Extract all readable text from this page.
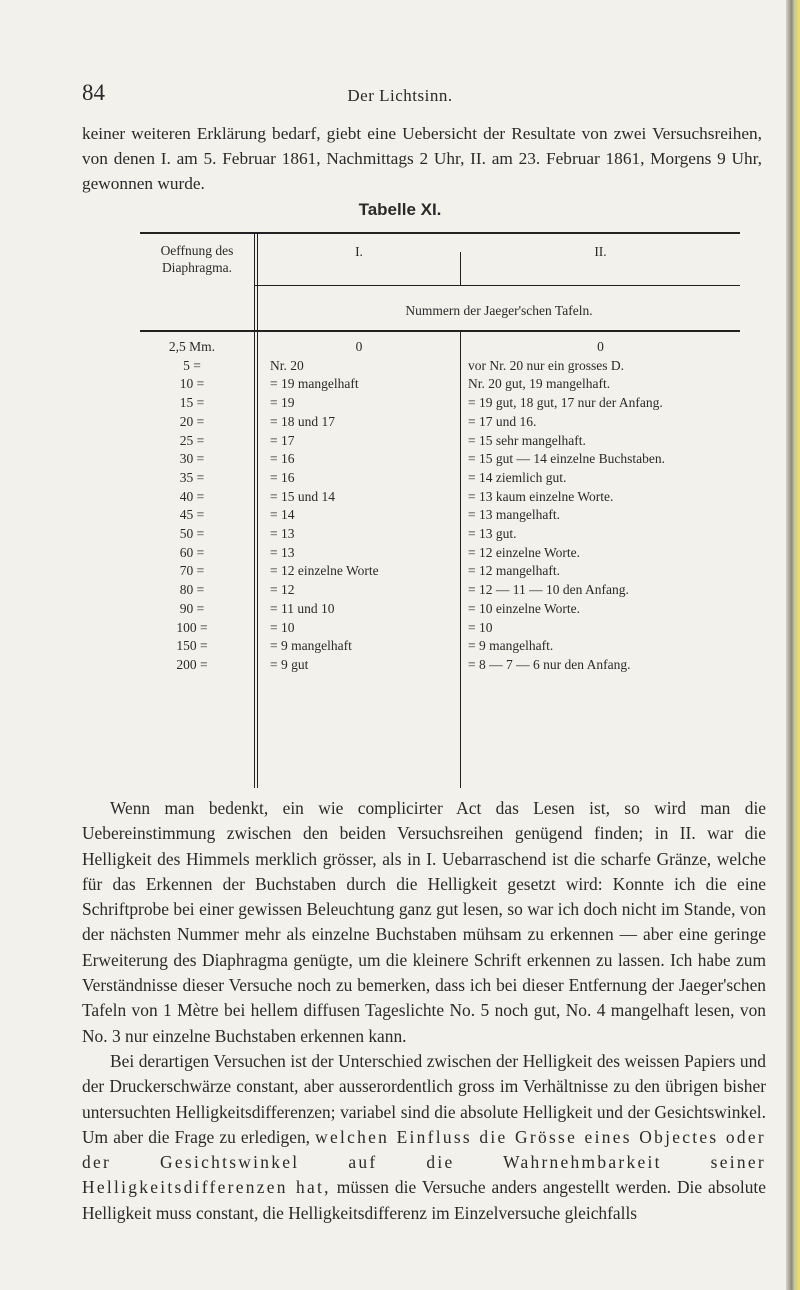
84	Der Lichtsinn.
keiner weiteren Erklärung bedarf, giebt eine Uebersicht der Resultate von zwei Versuchsreihen, von denen I. am 5. Februar 1861, Nachmittags 2 Uhr, II. am 23. Februar 1861, Morgens 9 Uhr, gewonnen wurde.
Tabelle XI.
Oeffnung des Diaphragma.
I.	II.
Nummern der Jaeger'schen Tafeln.
2,5 Mm.	0	0
5 =	Nr. 20	vor Nr. 20 nur ein grosses D.
10 =	= 19 mangelhaft	Nr. 20 gut, 19 mangelhaft.
15 =	= 19	= 19 gut, 18 gut, 17 nur der Anfang.
20 =	= 18 und 17	= 17 und 16.
25 =	= 17	= 15 sehr mangelhaft.
30 =	= 16	= 15 gut — 14 einzelne Buchstaben.
35 =	= 16	= 14 ziemlich gut.
40 =	= 15 und 14	= 13 kaum einzelne Worte.
45 =	= 14	= 13 mangelhaft.
50 =	= 13	= 13 gut.
60 =	= 13	= 12 einzelne Worte.
70 =	= 12 einzelne Worte	= 12 mangelhaft.
80 =	= 12	= 12 — 11 — 10 den Anfang.
90 =	= 11 und 10	= 10 einzelne Worte.
100 =	= 10	= 10
150 =	= 9 mangelhaft	= 9 mangelhaft.
200 =	= 9 gut	= 8 — 7 — 6 nur den Anfang.

Wenn man bedenkt, ein wie complicirter Act das Lesen ist, so wird man die Uebereinstimmung zwischen den beiden Versuchsreihen genügend finden; in II. war die Helligkeit des Himmels merklich grösser, als in I. Uebarraschend ist die scharfe Gränze, welche für das Erkennen der Buchstaben durch die Helligkeit gesetzt wird: Konnte ich die eine Schriftprobe bei einer gewissen Beleuchtung ganz gut lesen, so war ich doch nicht im Stande, von der nächsten Nummer mehr als einzelne Buchstaben mühsam zu erkennen — aber eine geringe Erweiterung des Diaphragma genügte, um die kleinere Schrift erkennen zu lassen. Ich habe zum Verständnisse dieser Versuche noch zu bemerken, dass ich bei dieser Entfernung der Jaeger'schen Tafeln von 1 Mètre bei hellem diffusen Tageslichte No. 5 noch gut, No. 4 mangelhaft lesen, von No. 3 nur einzelne Buchstaben erkennen kann.

Bei derartigen Versuchen ist der Unterschied zwischen der Helligkeit des weissen Papiers und der Druckerschwärze constant, aber ausserordentlich gross im Verhältnisse zu den übrigen bisher untersuchten Helligkeitsdifferenzen; variabel sind die absolute Helligkeit und der Gesichtswinkel. Um aber die Frage zu erledigen, welchen Einfluss die Grösse eines Objectes oder der Gesichtswinkel auf die Wahrnehmbarkeit seiner Helligkeitsdifferenzen hat, müssen die Versuche anders angestellt werden. Die absolute Helligkeit muss constant, die Helligkeitsdifferenz im Einzelversuche gleichfalls
